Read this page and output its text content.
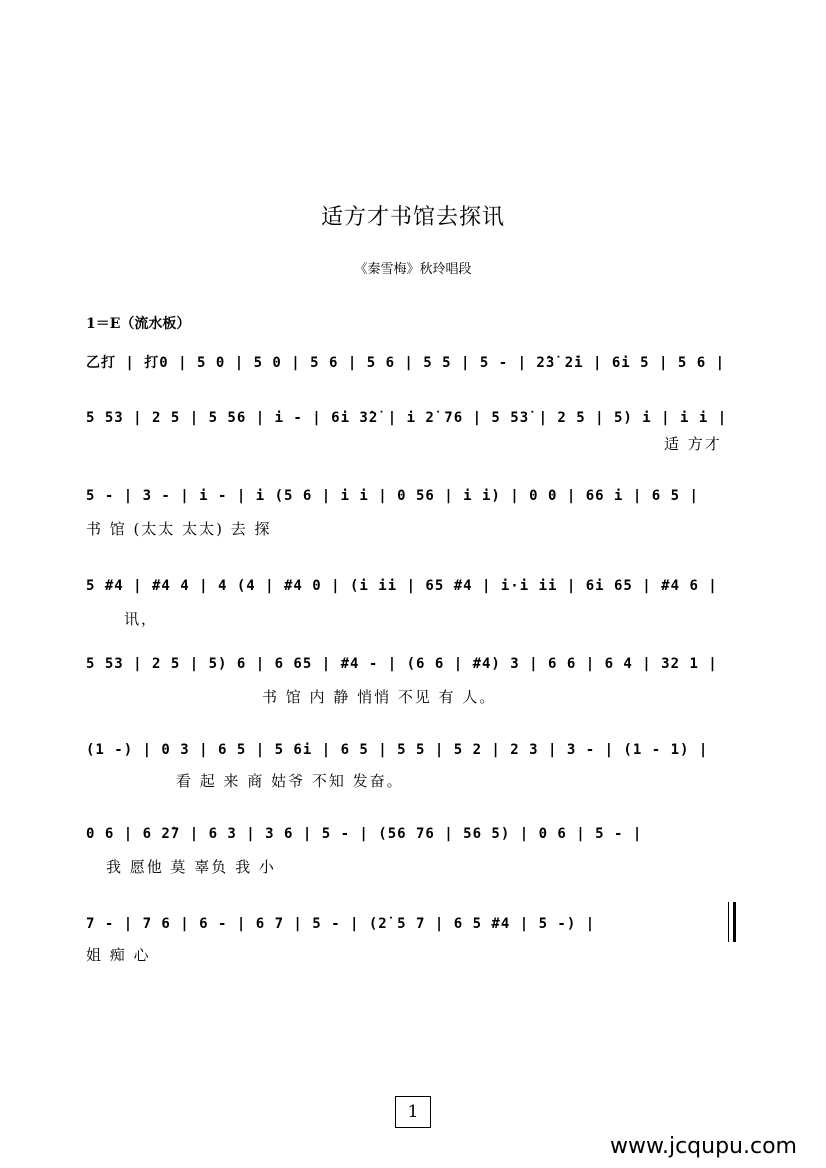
适方才书馆去探讯
《秦雪梅》秋玲唱段
1＝E（流水板）
乙打 | 打0 | 5 0 | 5 0 | 5 6 | 5 6 | 5 5 | 5 - | 2̇3̇ 2̇i | 6i 5 | 5 6 |
5 53 | 2 5 | 5 56 | i - | 6i 3̇2̇ | i 2̇ 76 | 5 53̇ | 2 5 | 5) i | i i |
适 方才
5 - | 3 - | i - | i (5 6 | i i | 0 56 | i i) | 0 0 | 66 i | 6 5 |
书 馆 (太太 太太) 去 探
5 #4 | #4 4 | 4 (4 | #4 0 | (i ii | 65 #4 | i·i ii | 6i 65 | #4 6 |
讯，
5 53 | 2 5 | 5) 6 | 6 65 | #4 - | (6 6 | #4) 3 | 6 6 | 6 4 | 32 1 |
书 馆 内 静 悄悄 不见 有 人。
(1 -) | 0 3 | 6 5 | 5 6i | 6 5 | 5 5 | 5 2 | 2 3 | 3 - | (1 - 1) |
看 起 来 商 姑爷 不知 发奋。
0 6 | 6 2̇7 | 6 3 | 3 6 | 5 - | (56 76 | 56 5) | 0 6 | 5 - |
我 愿他 莫 辜负 我 小
7 - | 7 6 | 6 - | 6 7 | 5 - | (2̇ 5 7 | 6 5 #4 | 5 -) |
姐 痴 心
1
www.jcqupu.com
